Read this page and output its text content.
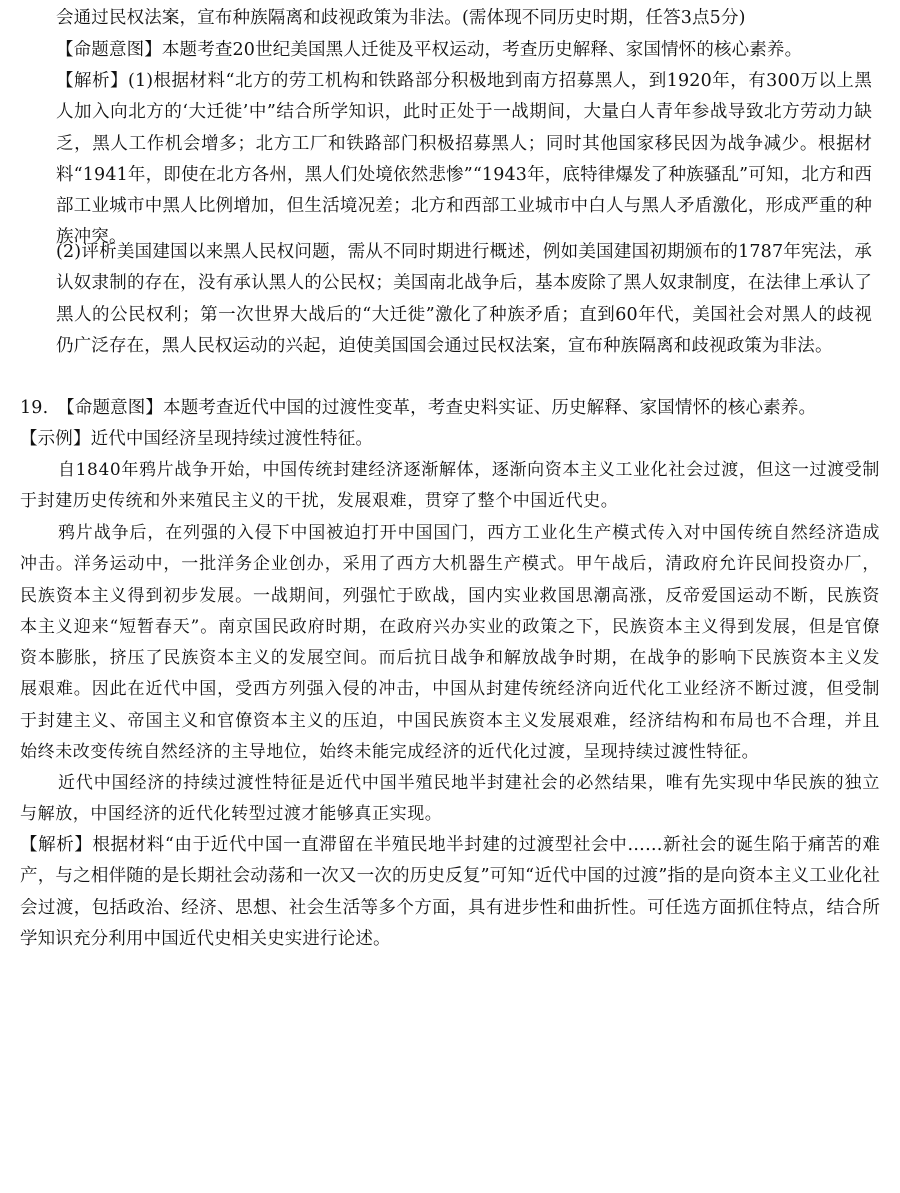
会通过民权法案，宣布种族隔离和歧视政策为非法。(需体现不同历史时期，任答3点5分)

【命题意图】本题考查20世纪美国黑人迁徙及平权运动，考查历史解释、家国情怀的核心素养。

【解析】(1)根据材料“北方的劳工机构和铁路部分积极地到南方招募黑人，到1920年，有300万以上黑人加入向北方的‘大迁徙’中”结合所学知识，此时正处于一战期间，大量白人青年参战导致北方劳动力缺乏，黑人工作机会增多；北方工厂和铁路部门积极招募黑人；同时其他国家移民因为战争减少。根据材料“1941年，即使在北方各州，黑人们处境依然悲惨”“1943年，底特律爆发了种族骚乱”可知，北方和西部工业城市中黑人比例增加，但生活境况差；北方和西部工业城市中白人与黑人矛盾激化，形成严重的种族冲突。

(2)评析美国建国以来黑人民权问题，需从不同时期进行概述，例如美国建国初期颁布的1787年宪法，承认奴隶制的存在，没有承认黑人的公民权；美国南北战争后，基本废除了黑人奴隶制度，在法律上承认了黑人的公民权利；第一次世界大战后的“大迁徙”激化了种族矛盾；直到60年代，美国社会对黑人的歧视仍广泛存在，黑人民权运动的兴起，迫使美国国会通过民权法案，宣布种族隔离和歧视政策为非法。

19.　【命题意图】本题考查近代中国的过渡性变革，考查史料实证、历史解释、家国情怀的核心素养。

【示例】近代中国经济呈现持续过渡性特征。

自1840年鸦片战争开始，中国传统封建经济逐渐解体，逐渐向资本主义工业化社会过渡，但这一过渡受制于封建历史传统和外来殖民主义的干扰，发展艰难，贯穿了整个中国近代史。

鸦片战争后，在列强的入侵下中国被迫打开中国国门，西方工业化生产模式传入对中国传统自然经济造成冲击。洋务运动中，一批洋务企业创办，采用了西方大机器生产模式。甲午战后，清政府允许民间投资办厂，民族资本主义得到初步发展。一战期间，列强忙于欧战，国内实业救国思潮高涨，反帝爱国运动不断，民族资本主义迎来“短暂春天”。南京国民政府时期，在政府兴办实业的政策之下，民族资本主义得到发展，但是官僚资本膨胀，挤压了民族资本主义的发展空间。而后抗日战争和解放战争时期，在战争的影响下民族资本主义发展艰难。因此在近代中国，受西方列强入侵的冲击，中国从封建传统经济向近代化工业经济不断过渡，但受制于封建主义、帝国主义和官僚资本主义的压迫，中国民族资本主义发展艰难，经济结构和布局也不合理，并且始终未改变传统自然经济的主导地位，始终未能完成经济的近代化过渡，呈现持续过渡性特征。

近代中国经济的持续过渡性特征是近代中国半殖民地半封建社会的必然结果，唯有先实现中华民族的独立与解放，中国经济的近代化转型过渡才能够真正实现。

【解析】根据材料“由于近代中国一直滞留在半殖民地半封建的过渡型社会中……新社会的诞生陷于痛苦的难产，与之相伴随的是长期社会动荡和一次又一次的历史反复”可知“近代中国的过渡”指的是向资本主义工业化社会过渡，包括政治、经济、思想、社会生活等多个方面，具有进步性和曲折性。可任选方面抓住特点，结合所学知识充分利用中国近代史相关史实进行论述。
